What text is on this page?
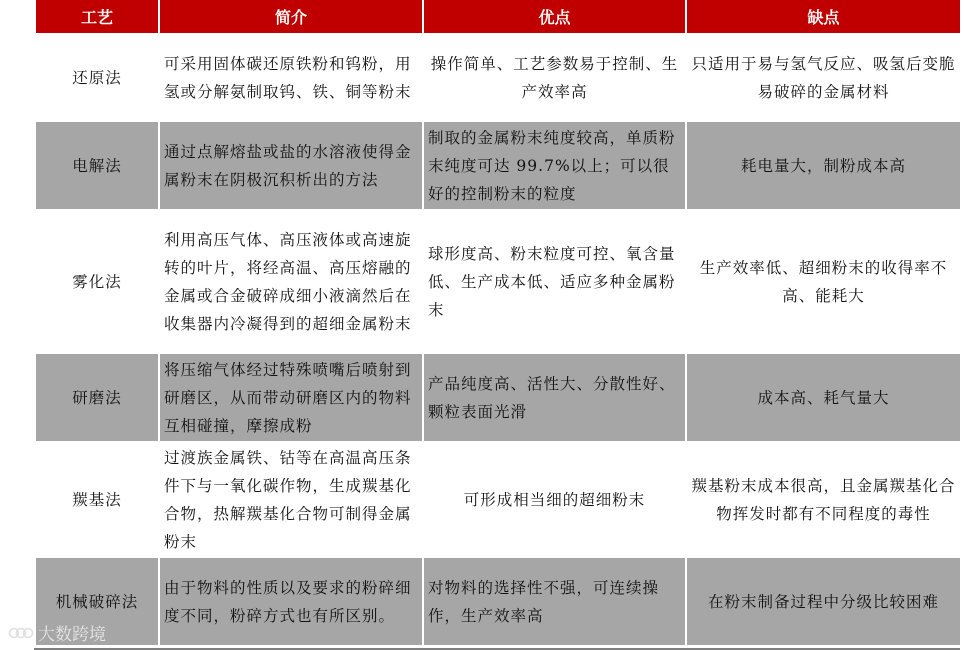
工艺	简介	优点	缺点
还原法	可采用固体碳还原铁粉和钨粉，用氢或分解氨制取钨、铁、铜等粉末	操作简单、工艺参数易于控制、生产效率高	只适用于易与氢气反应、吸氢后变脆易破碎的金属材料
电解法	通过点解熔盐或盐的水溶液使得金属粉末在阴极沉积析出的方法	制取的金属粉末纯度较高，单质粉末纯度可达 99.7%以上；可以很好的控制粉末的粒度	耗电量大，制粉成本高
雾化法	利用高压气体、高压液体或高速旋转的叶片，将经高温、高压熔融的金属或合金破碎成细小液滴然后在收集器内冷凝得到的超细金属粉末	球形度高、粉末粒度可控、氧含量低、生产成本低、适应多种金属粉末	生产效率低、超细粉末的收得率不高、能耗大
研磨法	将压缩气体经过特殊喷嘴后喷射到研磨区，从而带动研磨区内的物料互相碰撞，摩擦成粉	产品纯度高、活性大、分散性好、颗粒表面光滑	成本高、耗气量大
羰基法	过渡族金属铁、钴等在高温高压条件下与一氧化碳作物，生成羰基化合物，热解羰基化合物可制得金属粉末	可形成相当细的超细粉末	羰基粉末成本很高，且金属羰基化合物挥发时都有不同程度的毒性
机械破碎法	由于物料的性质以及要求的粉碎细度不同，粉碎方式也有所区别。	对物料的选择性不强，可连续操作，生产效率高	在粉末制备过程中分级比较困难
大数跨境
